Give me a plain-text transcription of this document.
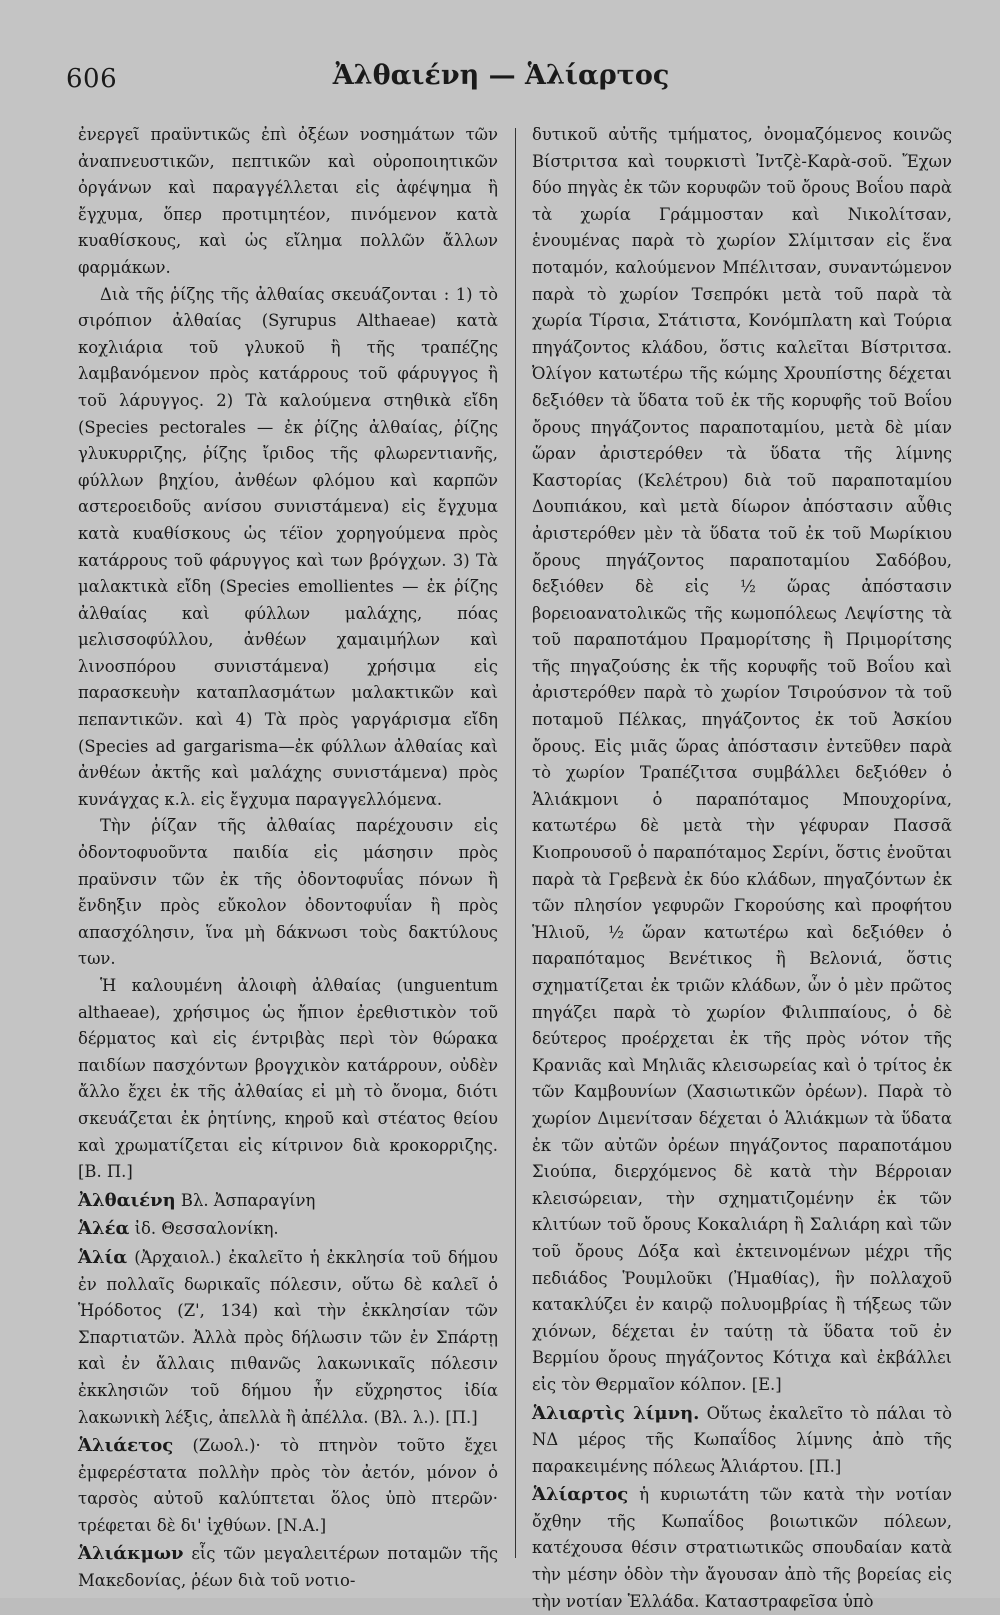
606	Ἀλθαιένη — Ἁλίαρτος

ἐνεργεῖ πραϋντικῶς ἐπὶ ὀξέων νοσημάτων τῶν ἀναπνευστικῶν, πεπτικῶν καὶ οὐροποιητικῶν ὀργάνων καὶ παραγγέλλεται εἰς ἀφέψημα ἢ ἔγχυμα, ὅπερ προτιμητέον, πινόμενον κατὰ κυαθίσκους, καὶ ὡς εἴλημα πολλῶν ἄλλων φαρμάκων.

Διὰ τῆς ῥίζης τῆς ἀλθαίας σκευάζονται : 1) τὸ σιρόπιον ἀλθαίας (Syrupus Althaeae) κατὰ κοχλιάρια τοῦ γλυκοῦ ἢ τῆς τραπέζης λαμβανόμενον πρὸς κατάρρους τοῦ φάρυγγος ἢ τοῦ λάρυγγος. 2) Τὰ καλούμενα στηθικὰ εἴδη (Species pectorales — ἐκ ῥίζης ἀλθαίας, ῥίζης γλυκυρριζης, ῥίζης ἴριδος τῆς φλωρεντιανῆς, φύλλων βηχίου, ἀνθέων φλόμου καὶ καρπῶν αστεροειδοῦς ανίσου συνιστάμενα) εἰς ἔγχυμα κατὰ κυαθίσκους ὡς τέϊον χορηγούμενα πρὸς κατάρρους τοῦ φάρυγγος καὶ των βρόγχων. 3) Τὰ μαλακτικὰ εἴδη (Species emollientes — ἐκ ῥίζης ἀλθαίας καὶ φύλλων μαλάχης, πόας μελισσοφύλλου, ἀνθέων χαμαιμήλων καὶ λινοσπόρου συνιστάμενα) χρήσιμα εἰς παρασκευὴν καταπλασμάτων μαλακτικῶν καὶ πεπαντικῶν. καὶ 4) Τὰ πρὸς γαργάρισμα εἴδη (Species ad gargarisma—ἐκ φύλλων ἀλθαίας καὶ ἀνθέων ἀκτῆς καὶ μαλάχης συνιστάμενα) πρὸς κυνάγχας κ.λ. εἰς ἔγχυμα παραγγελλόμενα.

Τὴν ῥίζαν τῆς ἀλθαίας παρέχουσιν εἰς ὀδοντοφυοῦντα παιδία εἰς μάσησιν πρὸς πραϋνσιν τῶν ἐκ τῆς ὀδοντοφυΐας πόνων ἢ ἔνδηξιν πρὸς εὔκολον ὀδοντοφυΐαν ἢ πρὸς απασχόλησιν, ἵνα μὴ δάκνωσι τοὺς δακτύλους των.

Ἡ καλουμένη ἀλοιφὴ ἀλθαίας (unguentum althaeae), χρήσιμος ὡς ἤπιον ἐρεθιστικὸν τοῦ δέρματος καὶ εἰς έντριβὰς περὶ τὸν θώρακα παιδίων πασχόντων βρογχικὸν κατάρρουν, οὐδὲν ἄλλο ἔχει ἐκ τῆς ἀλθαίας εἰ μὴ τὸ ὄνομα, διότι σκευάζεται ἐκ ῥητίνης, κηροῦ καὶ στέατος θείου καὶ χρωματίζεται εἰς κίτρινον διὰ κροκορριζης. [Β. Π.]

Ἀλθαιένη Βλ. Ἀσπαραγίνη

Ἁλέα ἰδ. Θεσσαλονίκη.

Ἁλία (Ἀρχαιολ.) ἐκαλεῖτο ἡ ἐκκλησία τοῦ δήμου ἐν πολλαῖς δωρικαῖς πόλεσιν, οὕτω δὲ καλεῖ ὁ Ἡρόδοτος (Ζ', 134) καὶ τὴν ἐκκλησίαν τῶν Σπαρτιατῶν. Ἀλλὰ πρὸς δήλωσιν τῶν ἐν Σπάρτῃ καὶ ἐν ἄλλαις πιθανῶς λακωνικαῖς πόλεσιν ἐκκλησιῶν τοῦ δήμου ἦν εὔχρηστος ἰδία λακωνικὴ λέξις, ἀπελλὰ ἢ ἀπέλλα. (Βλ. λ.). [Π.]

Ἁλιάετος (Ζωολ.)· τὸ πτηνὸν τοῦτο ἔχει ἐμφερέστατα πολλὴν πρὸς τὸν ἀετόν, μόνον ὁ ταρσὸς αὐτοῦ καλύπτεται ὅλος ὑπὸ πτερῶν· τρέφεται δὲ δι' ἰχθύων. [Ν.Α.]

Ἁλιάκμων εἷς τῶν μεγαλειτέρων ποταμῶν τῆς Μακεδονίας, ῥέων διὰ τοῦ νοτιο-

δυτικοῦ αὐτῆς τμήματος, ὀνομαζόμενος κοινῶς Βίστριτσα καὶ τουρκιστὶ Ἰντζὲ-Καρὰ-σοῦ. Ἔχων δύο πηγὰς ἐκ τῶν κορυφῶν τοῦ ὄρους Βοΐου παρὰ τὰ χωρία Γράμμοσταν καὶ Νικολίτσαν, ἑνουμένας παρὰ τὸ χωρίον Σλίμιτσαν εἰς ἕνα ποταμόν, καλούμενον Μπέλιτσαν, συναντώμενον παρὰ τὸ χωρίον Τσεπρόκι μετὰ τοῦ παρὰ τὰ χωρία Τίρσια, Στάτιστα, Κονόμπλατη καὶ Τούρια πηγάζοντος κλάδου, ὅστις καλεῖται Βίστριτσα. Ὀλίγον κατωτέρω τῆς κώμης Χρουπίστης δέχεται δεξιόθεν τὰ ὕδατα τοῦ ἐκ τῆς κορυφῆς τοῦ Βοΐου ὄρους πηγάζοντος παραποταμίου, μετὰ δὲ μίαν ὥραν ἀριστερόθεν τὰ ὕδατα τῆς λίμνης Καστορίας (Κελέτρου) διὰ τοῦ παραποταμίου Δουπιάκου, καὶ μετὰ δίωρον ἀπόστασιν αὖθις ἀριστερόθεν μὲν τὰ ὕδατα τοῦ ἐκ τοῦ Μωρίκιου ὄρους πηγάζοντος παραποταμίου Σαδόβου, δεξιόθεν δὲ εἰς ½ ὥρας ἀπόστασιν βορειοανατολικῶς τῆς κωμοπόλεως Λεψίστης τὰ τοῦ παραποτάμου Πραμορίτσης ἢ Πριμορίτσης τῆς πηγαζούσης ἐκ τῆς κορυφῆς τοῦ Βοΐου καὶ ἀριστερόθεν παρὰ τὸ χωρίον Τσιρούσνον τὰ τοῦ ποταμοῦ Πέλκας, πηγάζοντος ἐκ τοῦ Ἀσκίου ὄρους. Εἰς μιᾶς ὥρας ἀπόστασιν ἐντεῦθεν παρὰ τὸ χωρίον Τραπέζιτσα συμβάλλει δεξιόθεν ὁ Ἁλιάκμονι ὁ παραπόταμος Μπουχορίνα, κατωτέρω δὲ μετὰ τὴν γέφυραν Πασσᾶ Κιοπρουσοῦ ὁ παραπόταμος Σερίνι, ὅστις ἑνοῦται παρὰ τὰ Γρεβενὰ ἐκ δύο κλάδων, πηγαζόντων ἐκ τῶν πλησίον γεφυρῶν Γκορούσης καὶ προφήτου Ἡλιοῦ, ½ ὥραν κατωτέρω καὶ δεξιόθεν ὁ παραπόταμος Βενέτικος ἢ Βελονιά, ὅστις σχηματίζεται ἐκ τριῶν κλάδων, ὧν ὁ μὲν πρῶτος πηγάζει παρὰ τὸ χωρίον Φιλιππαίους, ὁ δὲ δεύτερος προέρχεται ἐκ τῆς πρὸς νότον τῆς Κρανιᾶς καὶ Μηλιᾶς κλεισωρείας καὶ ὁ τρίτος ἐκ τῶν Καμβουνίων (Χασιωτικῶν ὀρέων). Παρὰ τὸ χωρίον Διμενίτσαν δέχεται ὁ Ἁλιάκμων τὰ ὕδατα ἐκ τῶν αὐτῶν ὀρέων πηγάζοντος παραποτάμου Σιούπα, διερχόμενος δὲ κατὰ τὴν Βέρροιαν κλεισώρειαν, τὴν σχηματιζομένην ἐκ τῶν κλιτύων τοῦ ὄρους Κοκαλιάρη ἢ Σαλιάρη καὶ τῶν τοῦ ὄρους Δόξα καὶ ἐκτεινομένων μέχρι τῆς πεδιάδος Ῥουμλοῦκι (Ἠμαθίας), ἣν πολλαχοῦ κατακλύζει ἐν καιρῷ πολυομβρίας ἢ τήξεως τῶν χιόνων, δέχεται ἐν ταύτῃ τὰ ὕδατα τοῦ ἐν Βερμίου ὄρους πηγάζοντος Κότιχα καὶ ἐκβάλλει εἰς τὸν Θερμαῖον κόλπον. [Ε.]

Ἁλιαρτὶς λίμνη. Οὕτως ἐκαλεῖτο τὸ πάλαι τὸ ΝΔ μέρος τῆς Κωπαΐδος λίμνης ἀπὸ τῆς παρακειμένης πόλεως Ἁλιάρτου. [Π.]

Ἁλίαρτος ἡ κυριωτάτη τῶν κατὰ τὴν νοτίαν ὄχθην τῆς Κωπαΐδος βοιωτικῶν πόλεων, κατέχουσα θέσιν στρατιωτικῶς σπουδαίαν κατὰ τὴν μέσην ὁδὸν τὴν ἄγουσαν ἀπὸ τῆς βορείας εἰς τὴν νοτίαν Ἑλλάδα. Καταστραφεῖσα ὑπὸ
